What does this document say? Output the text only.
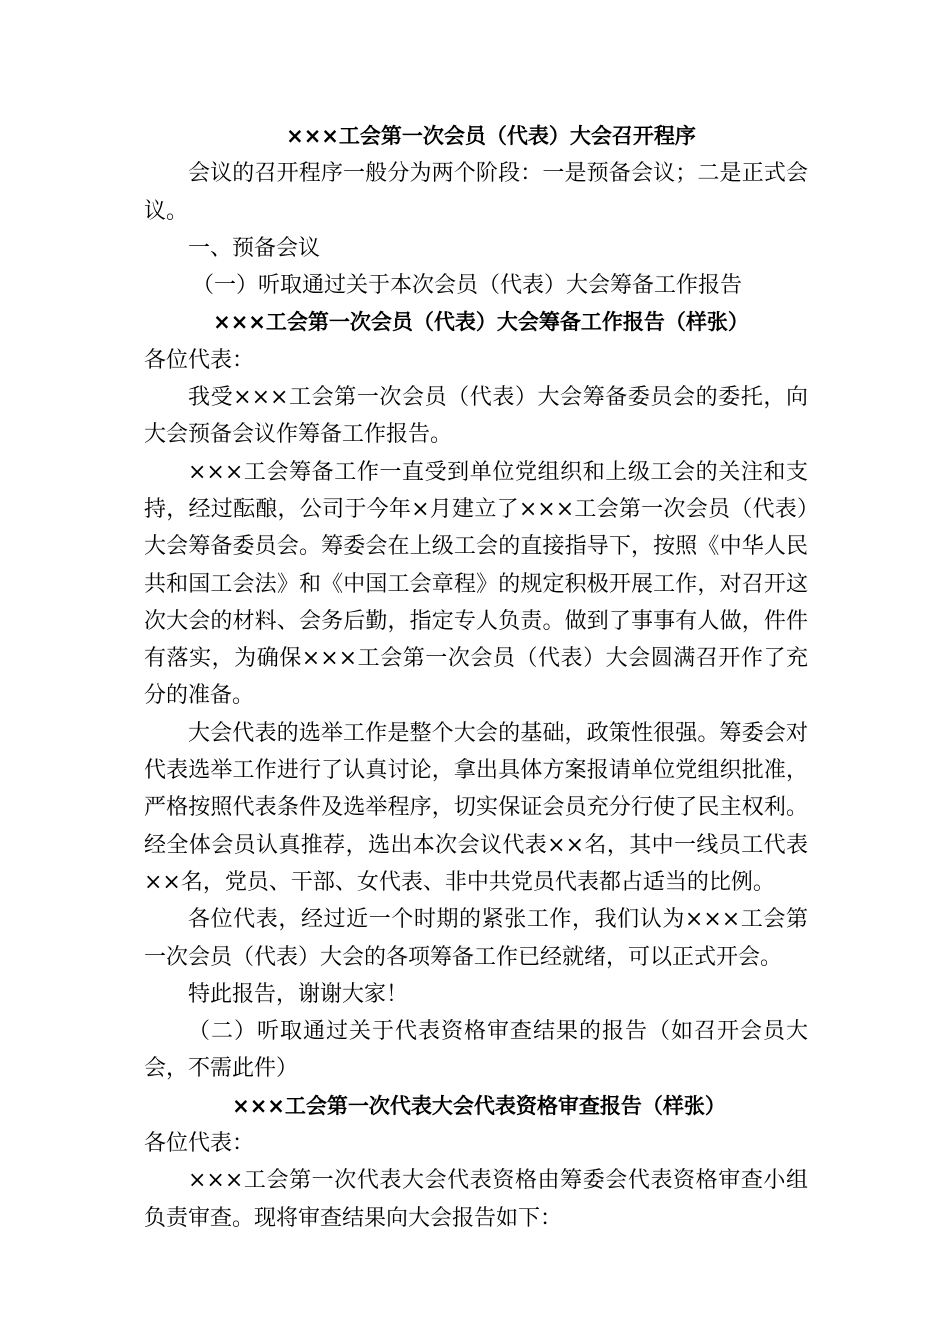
×××工会第一次会员（代表）大会召开程序

会议的召开程序一般分为两个阶段：一是预备会议；二是正式会议。

一、预备会议

（一）听取通过关于本次会员（代表）大会筹备工作报告

×××工会第一次会员（代表）大会筹备工作报告（样张）

各位代表：

我受×××工会第一次会员（代表）大会筹备委员会的委托，向大会预备会议作筹备工作报告。

×××工会筹备工作一直受到单位党组织和上级工会的关注和支持，经过酝酿，公司于今年×月建立了×××工会第一次会员（代表）大会筹备委员会。筹委会在上级工会的直接指导下，按照《中华人民共和国工会法》和《中国工会章程》的规定积极开展工作，对召开这次大会的材料、会务后勤，指定专人负责。做到了事事有人做，件件有落实，为确保×××工会第一次会员（代表）大会圆满召开作了充分的准备。

大会代表的选举工作是整个大会的基础，政策性很强。筹委会对代表选举工作进行了认真讨论，拿出具体方案报请单位党组织批准，严格按照代表条件及选举程序，切实保证会员充分行使了民主权利。经全体会员认真推荐，选出本次会议代表××名，其中一线员工代表××名，党员、干部、女代表、非中共党员代表都占适当的比例。

各位代表，经过近一个时期的紧张工作，我们认为×××工会第一次会员（代表）大会的各项筹备工作已经就绪，可以正式开会。

特此报告，谢谢大家！

（二）听取通过关于代表资格审查结果的报告（如召开会员大会，不需此件）

×××工会第一次代表大会代表资格审查报告（样张）

各位代表：

×××工会第一次代表大会代表资格由筹委会代表资格审查小组负责审查。现将审查结果向大会报告如下：
